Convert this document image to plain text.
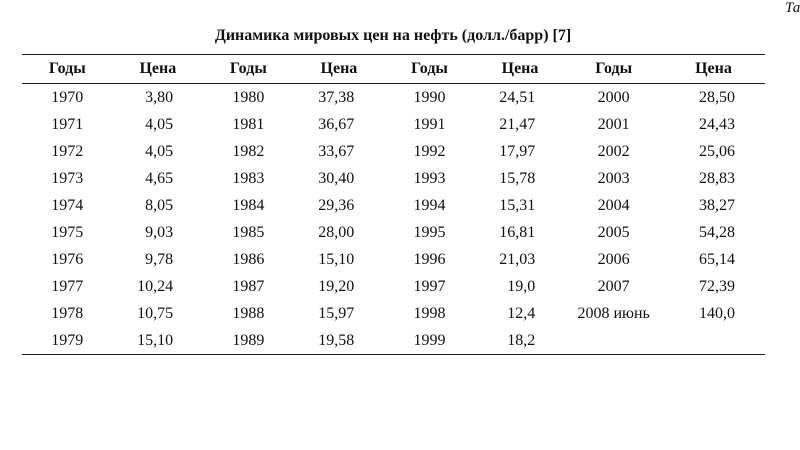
Та
Динамика мировых цен на нефть (долл./барр) [7]
Годы	Цена	Годы	Цена	Годы	Цена	Годы	Цена
1970	3,80	1980	37,38	1990	24,51	2000	28,50
1971	4,05	1981	36,67	1991	21,47	2001	24,43
1972	4,05	1982	33,67	1992	17,97	2002	25,06
1973	4,65	1983	30,40	1993	15,78	2003	28,83
1974	8,05	1984	29,36	1994	15,31	2004	38,27
1975	9,03	1985	28,00	1995	16,81	2005	54,28
1976	9,78	1986	15,10	1996	21,03	2006	65,14
1977	10,24	1987	19,20	1997	19,0	2007	72,39
1978	10,75	1988	15,97	1998	12,4	2008 июнь	140,0
1979	15,10	1989	19,58	1999	18,2		
